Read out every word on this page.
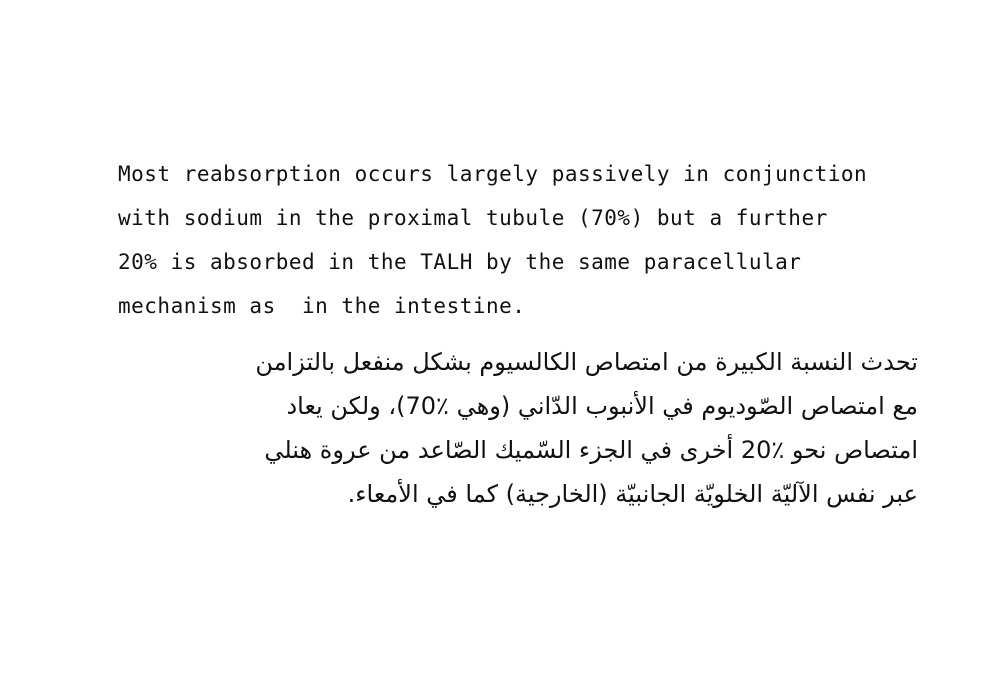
Most reabsorption occurs largely passively in conjunction
with sodium in the proximal tubule (70%) but a further
20% is absorbed in the TALH by the same paracellular
mechanism as  in the intestine.
تحدث النسبة الكبيرة من امتصاص الكالسيوم بشكل منفعل بالتزامن
مع امتصاص الصّوديوم في الأنبوب الدّاني (وهي ‎70٪‏)، ولكن يعاد
امتصاص نحو ‎20٪‏ أخرى في الجزء السّميك الصّاعد من عروة هنلي
عبر نفس الآليّة الخلويّة الجانبيّة (الخارجية) كما في الأمعاء.
